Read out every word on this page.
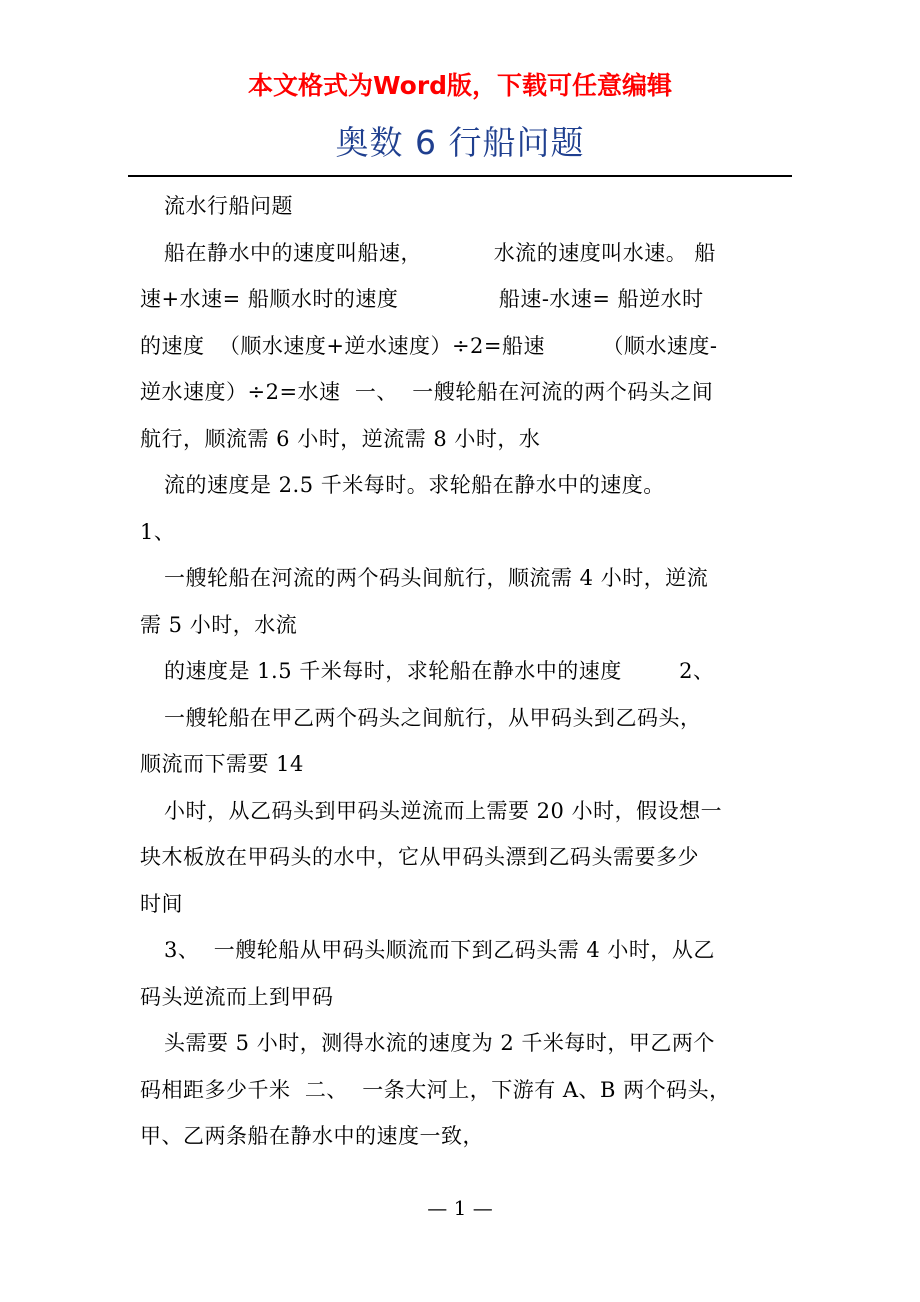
本文格式为Word版，下载可任意编辑
奥数 6 行船问题
流水行船问题
船在静水中的速度叫船速，          水流的速度叫水速。 船
速+水速= 船顺水时的速度              船速-水速= 船逆水时
的速度  （顺水速度+逆水速度）÷2=船速        （顺水速度-
逆水速度）÷2=水速  一、  一艘轮船在河流的两个码头之间
航行，顺流需 6 小时，逆流需 8 小时，水
流的速度是 2.5 千米每时。求轮船在静水中的速度。
1、
一艘轮船在河流的两个码头间航行，顺流需 4 小时，逆流
需 5 小时，水流
的速度是 1.5 千米每时，求轮船在静水中的速度        2、
一艘轮船在甲乙两个码头之间航行，从甲码头到乙码头，
顺流而下需要 14
小时，从乙码头到甲码头逆流而上需要 20 小时，假设想一
块木板放在甲码头的水中，它从甲码头漂到乙码头需要多少
时间
3、  一艘轮船从甲码头顺流而下到乙码头需 4 小时，从乙
码头逆流而上到甲码
头需要 5 小时，测得水流的速度为 2 千米每时，甲乙两个
码相距多少千米  二、  一条大河上，下游有 A、B 两个码头，
甲、乙两条船在静水中的速度一致，
— 1 —
